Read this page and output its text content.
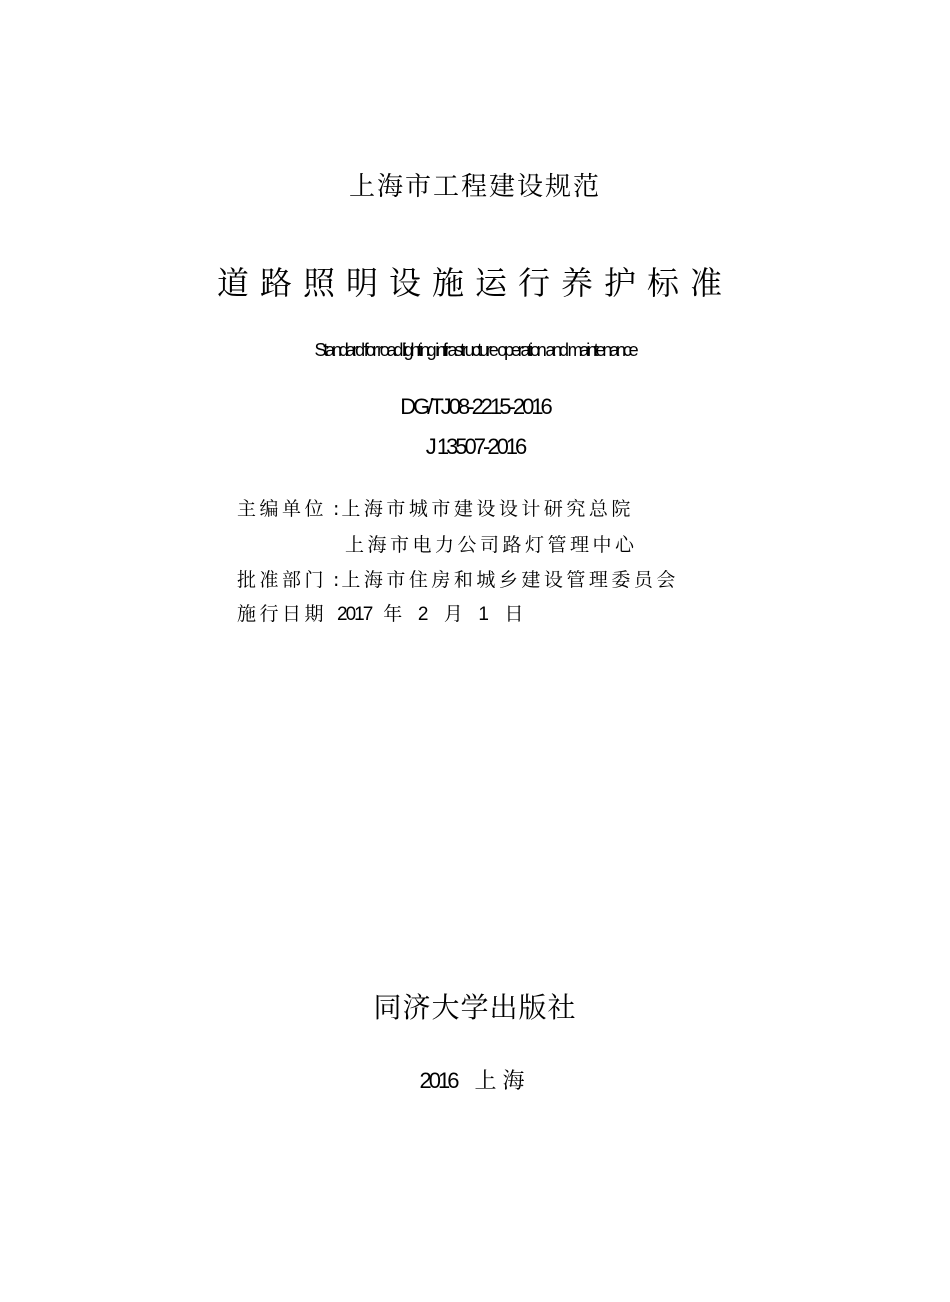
上海市工程建设规范
道路照明设施运行养护标准
Standard for road lighting infrastructure operation and maintenance
DG/TJ08-2215-2016
J 13507-2016
主编单位 : 上海市城市建设设计研究总院
上海市电力公司路灯管理中心
批准部门 : 上海市住房和城乡建设管理委员会
施行日期 2017 年 2 月 1 日
同济大学出版社
2016 上海
